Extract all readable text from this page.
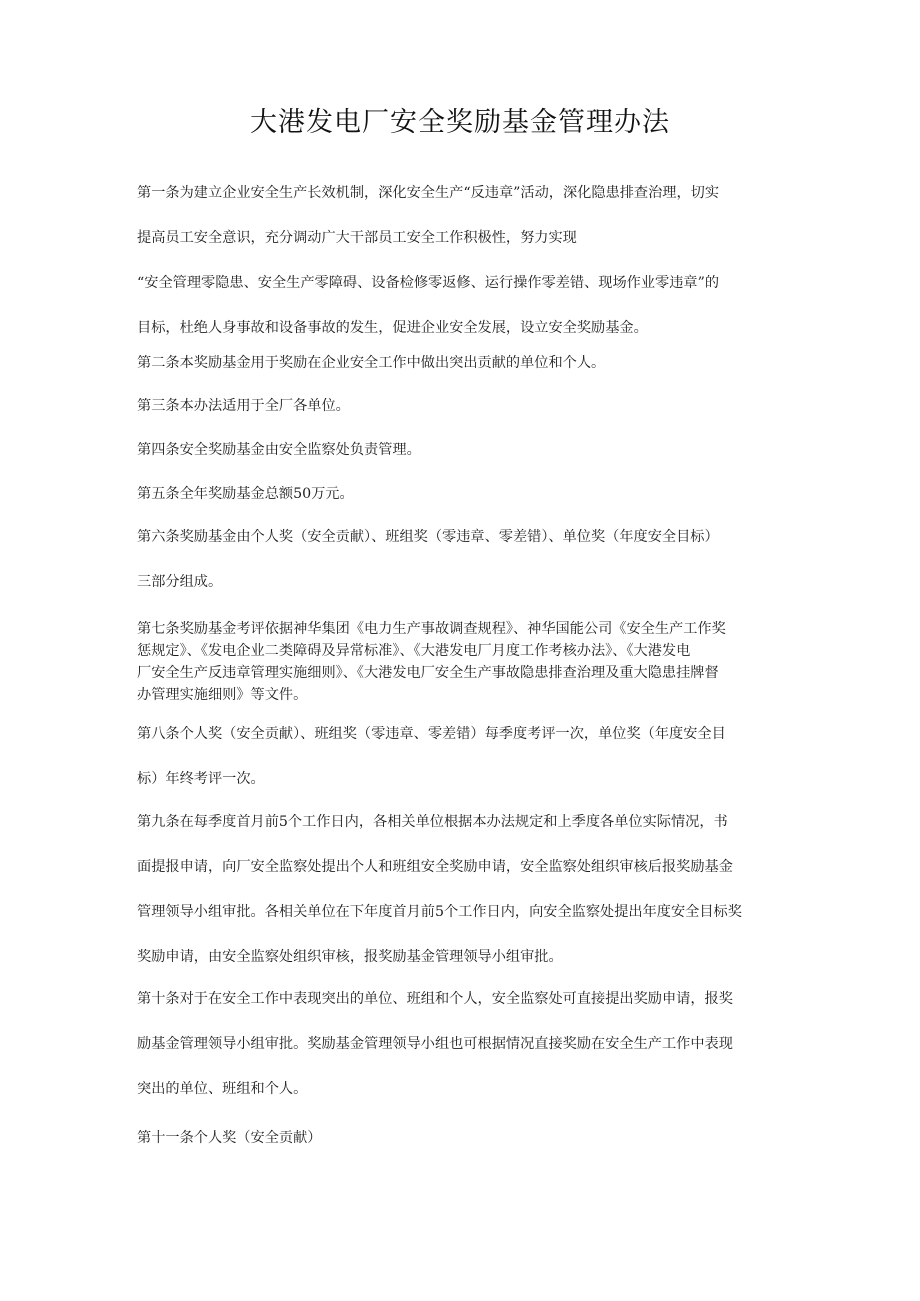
大港发电厂安全奖励基金管理办法

第一条为建立企业安全生产长效机制，深化安全生产“反违章”活动，深化隐患排查治理，切实
提高员工安全意识，充分调动广大干部员工安全工作积极性，努力实现
“安全管理零隐患、安全生产零障碍、设备检修零返修、运行操作零差错、现场作业零违章”的
目标，杜绝人身事故和设备事故的发生，促进企业安全发展，设立安全奖励基金。

第二条本奖励基金用于奖励在企业安全工作中做出突出贡献的单位和个人。

第三条本办法适用于全厂各单位。

第四条安全奖励基金由安全监察处负责管理。

第五条全年奖励基金总额50万元。

第六条奖励基金由个人奖（安全贡献）、班组奖（零违章、零差错）、单位奖（年度安全目标）
三部分组成。

第七条奖励基金考评依据神华集团《电力生产事故调查规程》、神华国能公司《安全生产工作奖
惩规定》、《发电企业二类障碍及异常标准》、《大港发电厂月度工作考核办法》、《大港发电
厂安全生产反违章管理实施细则》、《大港发电厂安全生产事故隐患排查治理及重大隐患挂牌督
办管理实施细则》等文件。

第八条个人奖（安全贡献）、班组奖（零违章、零差错）每季度考评一次，单位奖（年度安全目
标）年终考评一次。

第九条在每季度首月前5个工作日内，各相关单位根据本办法规定和上季度各单位实际情况，书
面提报申请，向厂安全监察处提出个人和班组安全奖励申请，安全监察处组织审核后报奖励基金
管理领导小组审批。各相关单位在下年度首月前5个工作日内，向安全监察处提出年度安全目标奖
奖励申请，由安全监察处组织审核，报奖励基金管理领导小组审批。

第十条对于在安全工作中表现突出的单位、班组和个人，安全监察处可直接提出奖励申请，报奖
励基金管理领导小组审批。奖励基金管理领导小组也可根据情况直接奖励在安全生产工作中表现
突出的单位、班组和个人。

第十一条个人奖（安全贡献）
